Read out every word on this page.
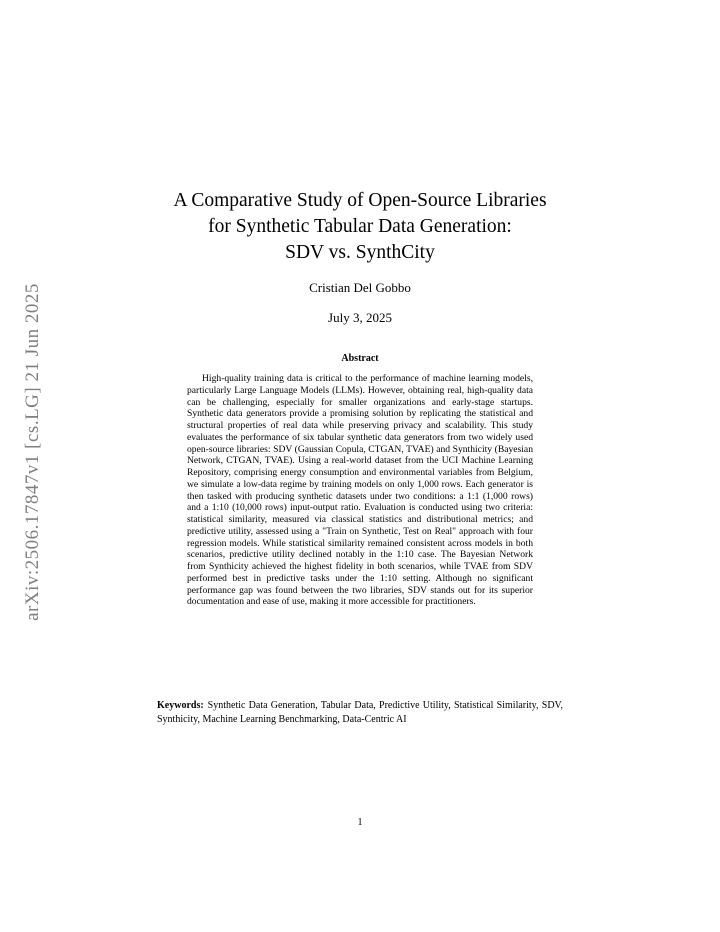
arXiv:2506.17847v1 [cs.LG] 21 Jun 2025
A Comparative Study of Open-Source Libraries
for Synthetic Tabular Data Generation:
SDV vs. SynthCity
Cristian Del Gobbo
July 3, 2025
Abstract

High-quality training data is critical to the performance of machine learning models, particularly Large Language Models (LLMs). However, obtaining real, high-quality data can be challenging, especially for smaller organizations and early-stage startups. Synthetic data generators provide a promising solution by replicating the statistical and structural properties of real data while preserving privacy and scalability. This study evaluates the performance of six tabular synthetic data generators from two widely used open-source libraries: SDV (Gaussian Copula, CTGAN, TVAE) and Synthicity (Bayesian Network, CTGAN, TVAE). Using a real-world dataset from the UCI Machine Learning Repository, comprising energy consumption and environmental variables from Belgium, we simulate a low-data regime by training models on only 1,000 rows. Each generator is then tasked with producing synthetic datasets under two conditions: a 1:1 (1,000 rows) and a 1:10 (10,000 rows) input-output ratio. Evaluation is conducted using two criteria: statistical similarity, measured via classical statistics and distributional metrics; and predictive utility, assessed using a "Train on Synthetic, Test on Real" approach with four regression models. While statistical similarity remained consistent across models in both scenarios, predictive utility declined notably in the 1:10 case. The Bayesian Network from Synthicity achieved the highest fidelity in both scenarios, while TVAE from SDV performed best in predictive tasks under the 1:10 setting. Although no significant performance gap was found between the two libraries, SDV stands out for its superior documentation and ease of use, making it more accessible for practitioners.

Keywords: Synthetic Data Generation, Tabular Data, Predictive Utility, Statistical Similarity, SDV, Synthicity, Machine Learning Benchmarking, Data-Centric AI

1
